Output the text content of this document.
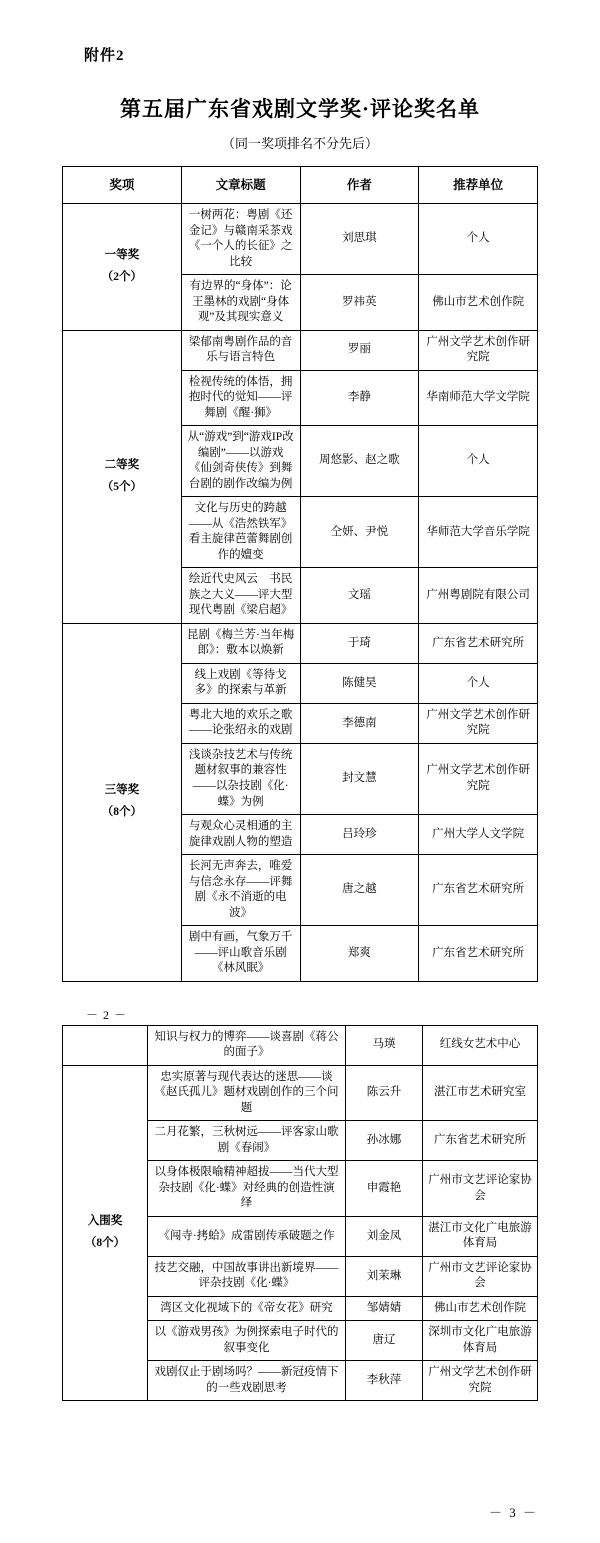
附件2
第五届广东省戏剧文学奖·评论奖名单
（同一奖项排名不分先后）
奖项	文章标题	作者	推荐单位

一等奖
（2个）	一树两花：粤剧《还金记》与赣南采茶戏《一个人的长征》之比较	刘思琪	个人
	有边界的“身体”：论王墨林的戏剧“身体观”及其现实意义	罗祎英	佛山市艺术创作院

二等奖
（5个）	梁郁南粤剧作品的音乐与语言特色	罗丽	广州文学艺术创作研究院
	检视传统的体悟，拥抱时代的觉知——评舞剧《醒·狮》	李静	华南师范大学文学院
	从“游戏”到“游戏IP改编剧”——以游戏《仙剑奇侠传》到舞台剧的剧作改编为例	周悠影、赵之歌	个人
	文化与历史的跨越——从《浩然铁军》看主旋律芭蕾舞剧创作的嬗变	仝妍、尹悦	华师范大学音乐学院
	绘近代史风云　书民族之大义——评大型现代粤剧《梁启超》	文瑶	广州粤剧院有限公司

三等奖
（8个）	昆剧《梅兰芳·当年梅郎》：敷本以焕新	于琦	广东省艺术研究所
	线上戏剧《等待戈多》的探索与革新	陈健昊	个人
	粤北大地的欢乐之歌——论张绍永的戏剧	李德南	广州文学艺术创作研究院
	浅谈杂技艺术与传统题材叙事的兼容性——以杂技剧《化·蝶》为例	封文慧	广州文学艺术创作研究院
	与观众心灵相通的主旋律戏剧人物的塑造	吕玲珍	广州大学人文学院
	长河无声奔去，唯爱与信念永存——评舞剧《永不消逝的电波》	唐之越	广东省艺术研究所
	剧中有画，气象万千——评山歌音乐剧《林风眠》	郑爽	广东省艺术研究所
－ 2 －
	知识与权力的博弈——谈喜剧《蒋公的面子》	马瑛	红线女艺术中心

入围奖
（8个）	忠实原著与现代表达的迷思——谈《赵氏孤儿》题材戏剧创作的三个问题	陈云升	湛江市艺术研究室
	二月花繁，三秋树远——评客家山歌剧《春闹》	孙冰娜	广东省艺术研究所
	以身体极限喻精神超拔——当代大型杂技剧《化·蝶》对经典的创造性演绎	申霞艳	广州市文艺评论家协会
	《闯寺·拷蛤》成雷剧传承破题之作	刘金凤	湛江市文化广电旅游体育局
	技艺交融，中国故事讲出新境界——评杂技剧《化·蝶》	刘茉琳	广州市文艺评论家协会
	湾区文化视域下的《帝女花》研究	邹婧婧	佛山市艺术创作院
	以《游戏男孩》为例探索电子时代的叙事变化	唐辽	深圳市文化广电旅游体育局
	戏剧仅止于剧场吗？——新冠疫情下的一些戏剧思考	李秋萍	广州文学艺术创作研究院
－ 3 －
